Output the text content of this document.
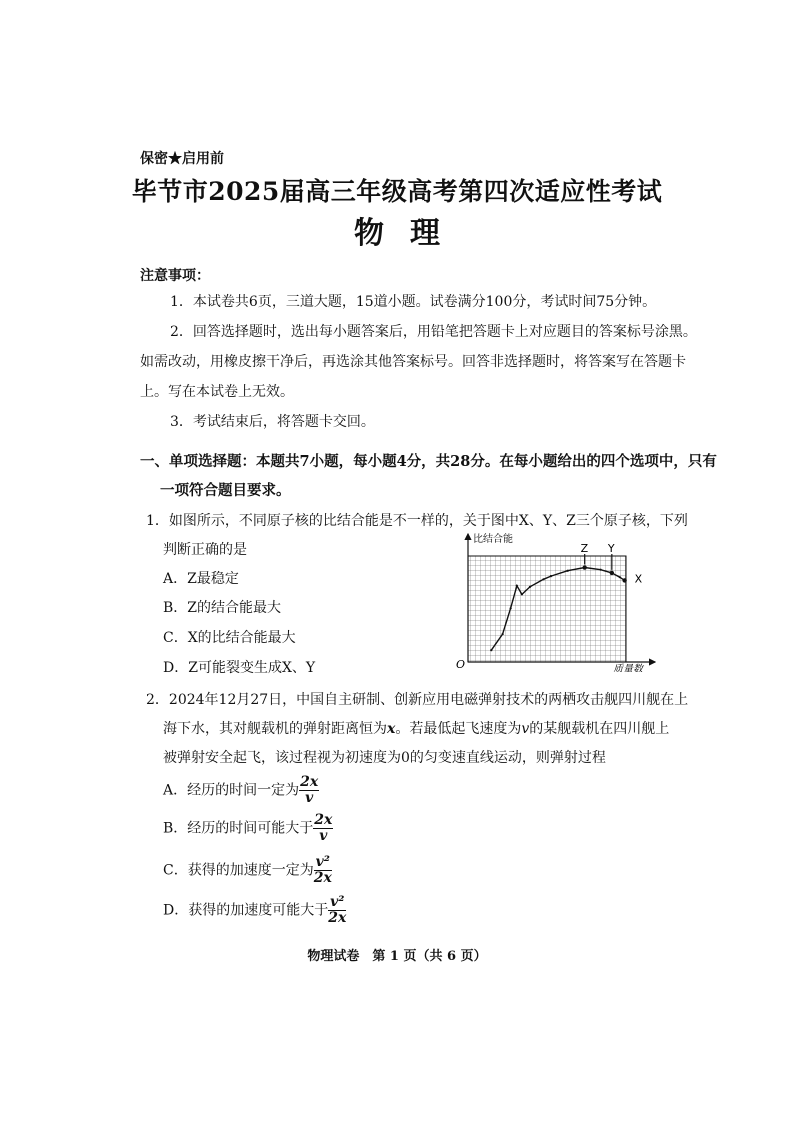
保密★启用前
毕节市2025届高三年级高考第四次适应性考试
物理
注意事项：
1．本试卷共6页，三道大题，15道小题。试卷满分100分，考试时间75分钟。
2．回答选择题时，选出每小题答案后，用铅笔把答题卡上对应题目的答案标号涂黑。
如需改动，用橡皮擦干净后，再选涂其他答案标号。回答非选择题时，将答案写在答题卡
上。写在本试卷上无效。
3．考试结束后，将答题卡交回。
一、单项选择题：本题共7小题，每小题4分，共28分。在每小题给出的四个选项中，只有
一项符合题目要求。
1．如图所示，不同原子核的比结合能是不一样的，关于图中X、Y、Z三个原子核，下列
判断正确的是
A．Z最稳定
B．Z的结合能最大
C．X的比结合能最大
D．Z可能裂变生成X、Y
比结合能
质量数
O
Z Y
X
2．2024年12月27日，中国自主研制、创新应用电磁弹射技术的两栖攻击舰四川舰在上
海下水，其对舰载机的弹射距离恒为x。若最低起飞速度为v的某舰载机在四川舰上
被弹射安全起飞，该过程视为初速度为0的匀变速直线运动，则弹射过程
A．经历的时间一定为 $\frac{2x}{v}$
B．经历的时间可能大于 $\frac{2x}{v}$
C．获得的加速度一定为 $\frac{\text{v²}}{2x}$
D．获得的加速度可能大于 $\frac{\text{v²}}{2x}$
物理试卷　第 1 页（共 6 页）
